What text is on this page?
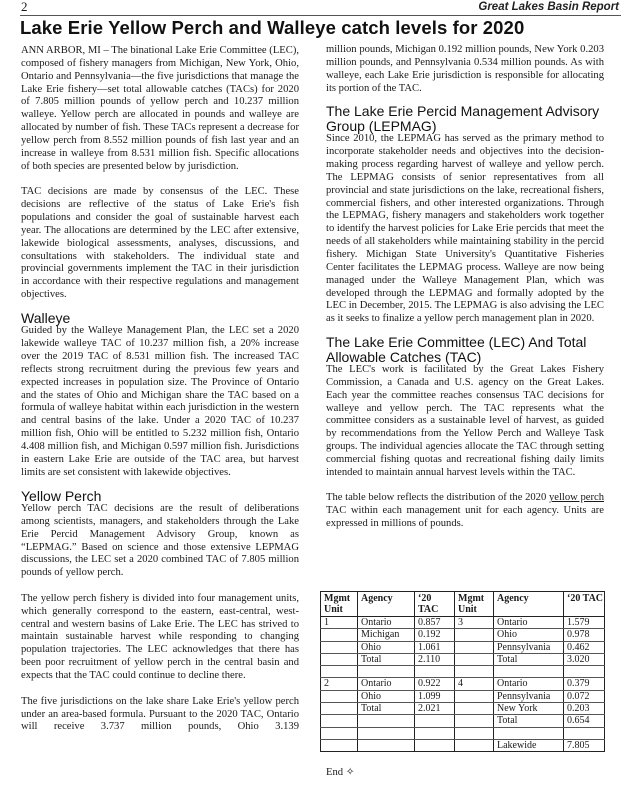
2	Great Lakes Basin Report
Lake Erie Yellow Perch and Walleye catch levels for 2020

ANN ARBOR, MI – The binational Lake Erie Committee (LEC), composed of fishery managers from Michigan, New York, Ohio, Ontario and Pennsylvania—the five jurisdictions that manage the Lake Erie fishery—set total allowable catches (TACs) for 2020 of 7.805 million pounds of yellow perch and 10.237 million walleye. Yellow perch are allocated in pounds and walleye are allocated by number of fish. These TACs represent a decrease for yellow perch from 8.552 million pounds of fish last year and an increase in walleye from 8.531 million fish. Specific allocations of both species are presented below by jurisdiction.

TAC decisions are made by consensus of the LEC. These decisions are reflective of the status of Lake Erie's fish populations and consider the goal of sustainable harvest each year. The allocations are determined by the LEC after extensive, lakewide biological assessments, analyses, discussions, and consultations with stakeholders. The individual state and provincial governments implement the TAC in their jurisdiction in accordance with their respective regulations and management objectives.

Walleye

Guided by the Walleye Management Plan, the LEC set a 2020 lakewide walleye TAC of 10.237 million fish, a 20% increase over the 2019 TAC of 8.531 million fish. The increased TAC reflects strong recruitment during the previous few years and expected increases in population size. The Province of Ontario and the states of Ohio and Michigan share the TAC based on a formula of walleye habitat within each jurisdiction in the western and central basins of the lake. Under a 2020 TAC of 10.237 million fish, Ohio will be entitled to 5.232 million fish, Ontario 4.408 million fish, and Michigan 0.597 million fish. Jurisdictions in eastern Lake Erie are outside of the TAC area, but harvest limits are set consistent with lakewide objectives.

Yellow Perch

Yellow perch TAC decisions are the result of deliberations among scientists, managers, and stakeholders through the Lake Erie Percid Management Advisory Group, known as “LEPMAG.” Based on science and those extensive LEPMAG discussions, the LEC set a 2020 combined TAC of 7.805 million pounds of yellow perch.

The yellow perch fishery is divided into four management units, which generally correspond to the eastern, east-central, west-central and western basins of Lake Erie. The LEC has strived to maintain sustainable harvest while responding to changing population trajectories. The LEC acknowledges that there has been poor recruitment of yellow perch in the central basin and expects that the TAC could continue to decline there.

The five jurisdictions on the lake share Lake Erie's yellow perch under an area-based formula. Pursuant to the 2020 TAC, Ontario will receive 3.737 million pounds, Ohio 3.139

million pounds, Michigan 0.192 million pounds, New York 0.203 million pounds, and Pennsylvania 0.534 million pounds. As with walleye, each Lake Erie jurisdiction is responsible for allocating its portion of the TAC.

The Lake Erie Percid Management Advisory Group (LEPMAG)

Since 2010, the LEPMAG has served as the primary method to incorporate stakeholder needs and objectives into the decision-making process regarding harvest of walleye and yellow perch. The LEPMAG consists of senior representatives from all provincial and state jurisdictions on the lake, recreational fishers, commercial fishers, and other interested organizations. Through the LEPMAG, fishery managers and stakeholders work together to identify the harvest policies for Lake Erie percids that meet the needs of all stakeholders while maintaining stability in the percid fishery. Michigan State University's Quantitative Fisheries Center facilitates the LEPMAG process. Walleye are now being managed under the Walleye Management Plan, which was developed through the LEPMAG and formally adopted by the LEC in December, 2015. The LEPMAG is also advising the LEC as it seeks to finalize a yellow perch management plan in 2020.

The Lake Erie Committee (LEC) And Total Allowable Catches (TAC)

The LEC's work is facilitated by the Great Lakes Fishery Commission, a Canada and U.S. agency on the Great Lakes. Each year the committee reaches consensus TAC decisions for walleye and yellow perch. The TAC represents what the committee considers as a sustainable level of harvest, as guided by recommendations from the Yellow Perch and Walleye Task groups. The individual agencies allocate the TAC through setting commercial fishing quotas and recreational fishing daily limits intended to maintain annual harvest levels within the TAC.

The table below reflects the distribution of the 2020 yellow perch TAC within each management unit for each agency. Units are expressed in millions of pounds.

Mgmt Unit	Agency	‘20 TAC	Mgmt Unit	Agency	‘20 TAC
1	Ontario	0.857	3	Ontario	1.579
	Michigan	0.192		Ohio	0.978
	Ohio	1.061		Pennsylvania	0.462
	Total	2.110		Total	3.020

2	Ontario	0.922	4	Ontario	0.379
	Ohio	1.099		Pennsylvania	0.072
	Total	2.021		New York	0.203
				Total	0.654

				Lakewide	7.805
End ✧
